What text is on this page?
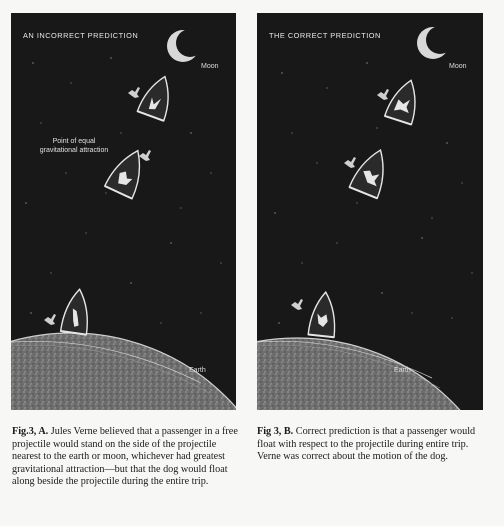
AN INCORRECT PREDICTION
Moon
Point of equal gravitational attraction
Earth
THE CORRECT PREDICTION
Moon
Earth
Fig.3, A. Jules Verne believed that a passenger in a free projectile would stand on the side of the projectile nearest to the earth or moon, whichever had greatest gravitational attraction—but that the dog would float along beside the projectile during the entire trip.
Fig 3, B. Correct prediction is that a passenger would float with respect to the projectile during entire trip. Verne was correct about the motion of the dog.
